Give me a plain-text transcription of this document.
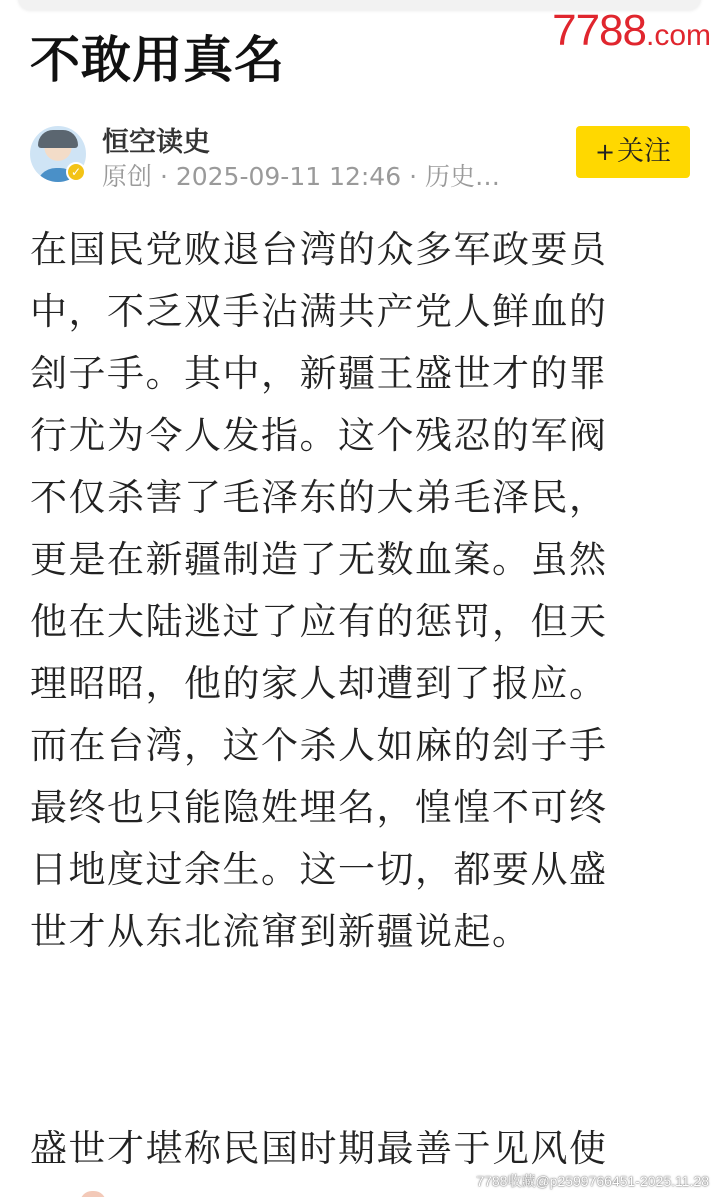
7788.com
不敢用真名
✓
恒空读史
原创 · 2025-09-11 12:46 · 历史…
+关注
在国民党败退台湾的众多军政要员
中，不乏双手沾满共产党人鲜血的
刽子手。其中，新疆王盛世才的罪
行尤为令人发指。这个残忍的军阀
不仅杀害了毛泽东的大弟毛泽民，
更是在新疆制造了无数血案。虽然
他在大陆逃过了应有的惩罚，但天
理昭昭，他的家人却遭到了报应。
而在台湾，这个杀人如麻的刽子手
最终也只能隐姓埋名，惶惶不可终
日地度过余生。这一切，都要从盛
世才从东北流窜到新疆说起。
盛世才堪称民国时期最善于见风使
7788收藏@p2599766451-2025.11.28
